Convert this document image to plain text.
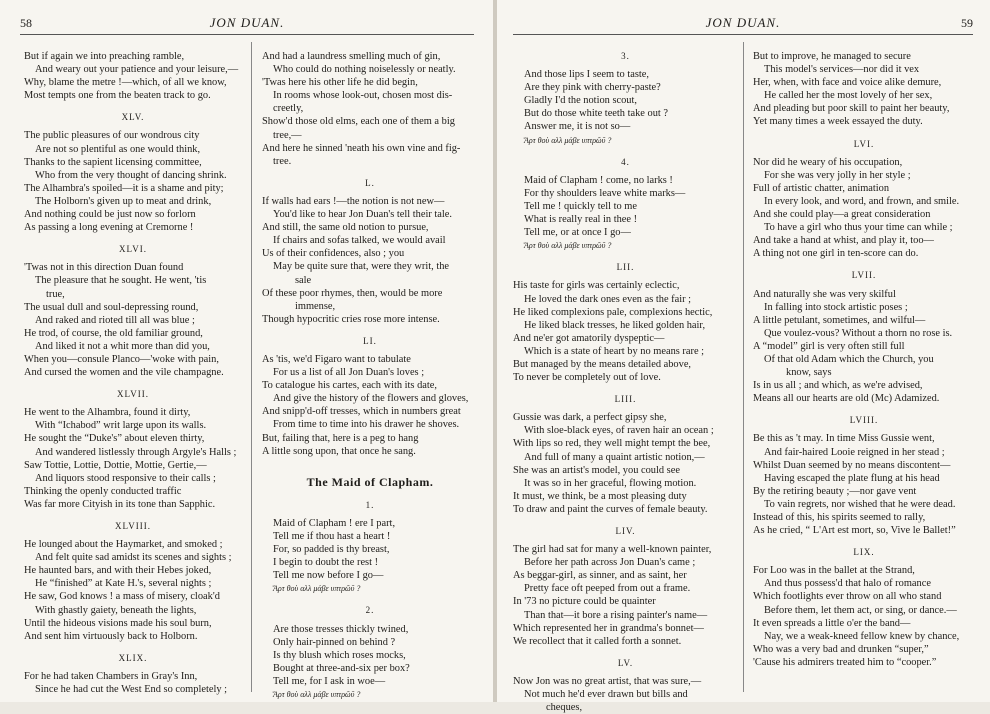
58	JON DUAN.
But if again we into preaching ramble,
And weary out your patience and your leisure,—
Why, blame the metre !—which, of all we know,
Most tempts one from the beaten track to go.
XLV.
The public pleasures of our wondrous city
Are not so plentiful as one would think,
Thanks to the sapient licensing committee,
Who from the very thought of dancing shrink.
The Alhambra's spoiled—it is a shame and pity;
The Holborn's given up to meat and drink,
And nothing could be just now so forlorn
As passing a long evening at Cremorne !
XLVI.
'Twas not in this direction Duan found
The pleasure that he sought. He went, 'tis
true,
The usual dull and soul-depressing round,
And raked and rioted till all was blue ;
He trod, of course, the old familiar ground,
And liked it not a whit more than did you,
When you—consule Planco—'woke with pain,
And cursed the women and the vile champagne.
XLVII.
He went to the Alhambra, found it dirty,
With “Ichabod” writ large upon its walls.
He sought the “Duke's” about eleven thirty,
And wandered listlessly through Argyle's Halls ;
Saw Tottie, Lottie, Dottie, Mottie, Gertie,—
And liquors stood responsive to their calls ;
Thinking the openly conducted traffic
Was far more Cityish in its tone than Sapphic.
XLVIII.
He lounged about the Haymarket, and smoked ;
And felt quite sad amidst its scenes and sights ;
He haunted bars, and with their Hebes joked,
He “finished” at Kate H.'s, several nights ;
He saw, God knows ! a mass of misery, cloak'd
With ghastly gaiety, beneath the lights,
Until the hideous visions made his soul burn,
And sent him virtuously back to Holborn.
XLIX.
For he had taken Chambers in Gray's Inn,
Since he had cut the West End so completely ;
And had a laundress smelling much of gin,
Who could do nothing noiselessly or neatly.
'Twas here his other life he did begin,
In rooms whose look-out, chosen most dis-
creetly,
Show'd those old elms, each one of them a big
tree,—
And here he sinned 'neath his own vine and fig-
tree.
L.
If walls had ears !—the notion is not new—
You'd like to hear Jon Duan's tell their tale.
And still, the same old notion to pursue,
If chairs and sofas talked, we would avail
Us of their confidences, also ; you
May be quite sure that, were they writ, the
sale
Of these poor rhymes, then, would be more
immense,
Though hypocritic cries rose more intense.
LI.
As 'tis, we'd Figaro want to tabulate
For us a list of all Jon Duan's loves ;
To catalogue his cartes, each with its date,
And give the history of the flowers and gloves,
And snipp'd-off tresses, which in numbers great
From time to time into his drawer he shoves.
But, failing that, here is a peg to hang
A little song upon, that once he sang.
The Maid of Clapham.
1.
Maid of Clapham ! ere I part,
Tell me if thou hast a heart !
For, so padded is thy breast,
I begin to doubt the rest !
Tell me now before I go—
Ἄρτ θοὺ αλλ μάβε υπτρῶῦ ?
2.
Are those tresses thickly twined,
Only hair-pinned on behind ?
Is thy blush which roses mocks,
Bought at three-and-six per box?
Tell me, for I ask in woe—
Ἄρτ θοὺ αλλ μάβε υπτρῶῦ ?
JON DUAN.	59
3.
And those lips I seem to taste,
Are they pink with cherry-paste?
Gladly I'd the notion scout,
But do those white teeth take out ?
Answer me, it is not so—
Ἄρτ θοὺ αλλ μάβε υπτρῶῦ ?
4.
Maid of Clapham ! come, no larks !
For thy shoulders leave white marks—
Tell me ! quickly tell to me
What is really real in thee !
Tell me, or at once I go—
Ἄρτ θοὺ αλλ μάβε υπτρῶῦ ?
LII.
His taste for girls was certainly eclectic,
He loved the dark ones even as the fair ;
He liked complexions pale, complexions hectic,
He liked black tresses, he liked golden hair,
And ne'er got amatorily dyspeptic—
Which is a state of heart by no means rare ;
But managed by the means detailed above,
To never be completely out of love.
LIII.
Gussie was dark, a perfect gipsy she,
With sloe-black eyes, of raven hair an ocean ;
With lips so red, they well might tempt the bee,
And full of many a quaint artistic notion,—
She was an artist's model, you could see
It was so in her graceful, flowing motion.
It must, we think, be a most pleasing duty
To draw and paint the curves of female beauty.
LIV.
The girl had sat for many a well-known painter,
Before her path across Jon Duan's came ;
As beggar-girl, as sinner, and as saint, her
Pretty face oft peeped from out a frame.
In '73 no picture could be quainter
Than that—it bore a rising painter's name—
Which represented her in grandma's bonnet—
We recollect that it called forth a sonnet.
LV.
Now Jon was no great artist, that was sure,—
Not much he'd ever drawn but bills and
cheques,
But to improve, he managed to secure
This model's services—nor did it vex
Her, when, with face and voice alike demure,
He called her the most lovely of her sex,
And pleading but poor skill to paint her beauty,
Yet many times a week essayed the duty.
LVI.
Nor did he weary of his occupation,
For she was very jolly in her style ;
Full of artistic chatter, animation
In every look, and word, and frown, and smile.
And she could play—a great consideration
To have a girl who thus your time can while ;
And take a hand at whist, and play it, too—
A thing not one girl in ten-score can do.
LVII.
And naturally she was very skilful
In falling into stock artistic poses ;
A little petulant, sometimes, and wilful—
Que voulez-vous? Without a thorn no rose is.
A “model” girl is very often still full
Of that old Adam which the Church, you
know, says
Is in us all ; and which, as we're advised,
Means all our hearts are old (Mc) Adamized.
LVIII.
Be this as 't may. In time Miss Gussie went,
And fair-haired Looie reigned in her stead ;
Whilst Duan seemed by no means discontent—
Having escaped the plate flung at his head
By the retiring beauty ;—nor gave vent
To vain regrets, nor wished that he were dead.
Instead of this, his spirits seemed to rally,
As he cried, “ L'Art est mort, so, Vive le Ballet!”
LIX.
For Loo was in the ballet at the Strand,
And thus possess'd that halo of romance
Which footlights ever throw on all who stand
Before them, let them act, or sing, or dance.—
It even spreads a little o'er the band—
Nay, we a weak-kneed fellow knew by chance,
Who was a very bad and drunken “super,”
'Cause his admirers treated him to “cooper.”
